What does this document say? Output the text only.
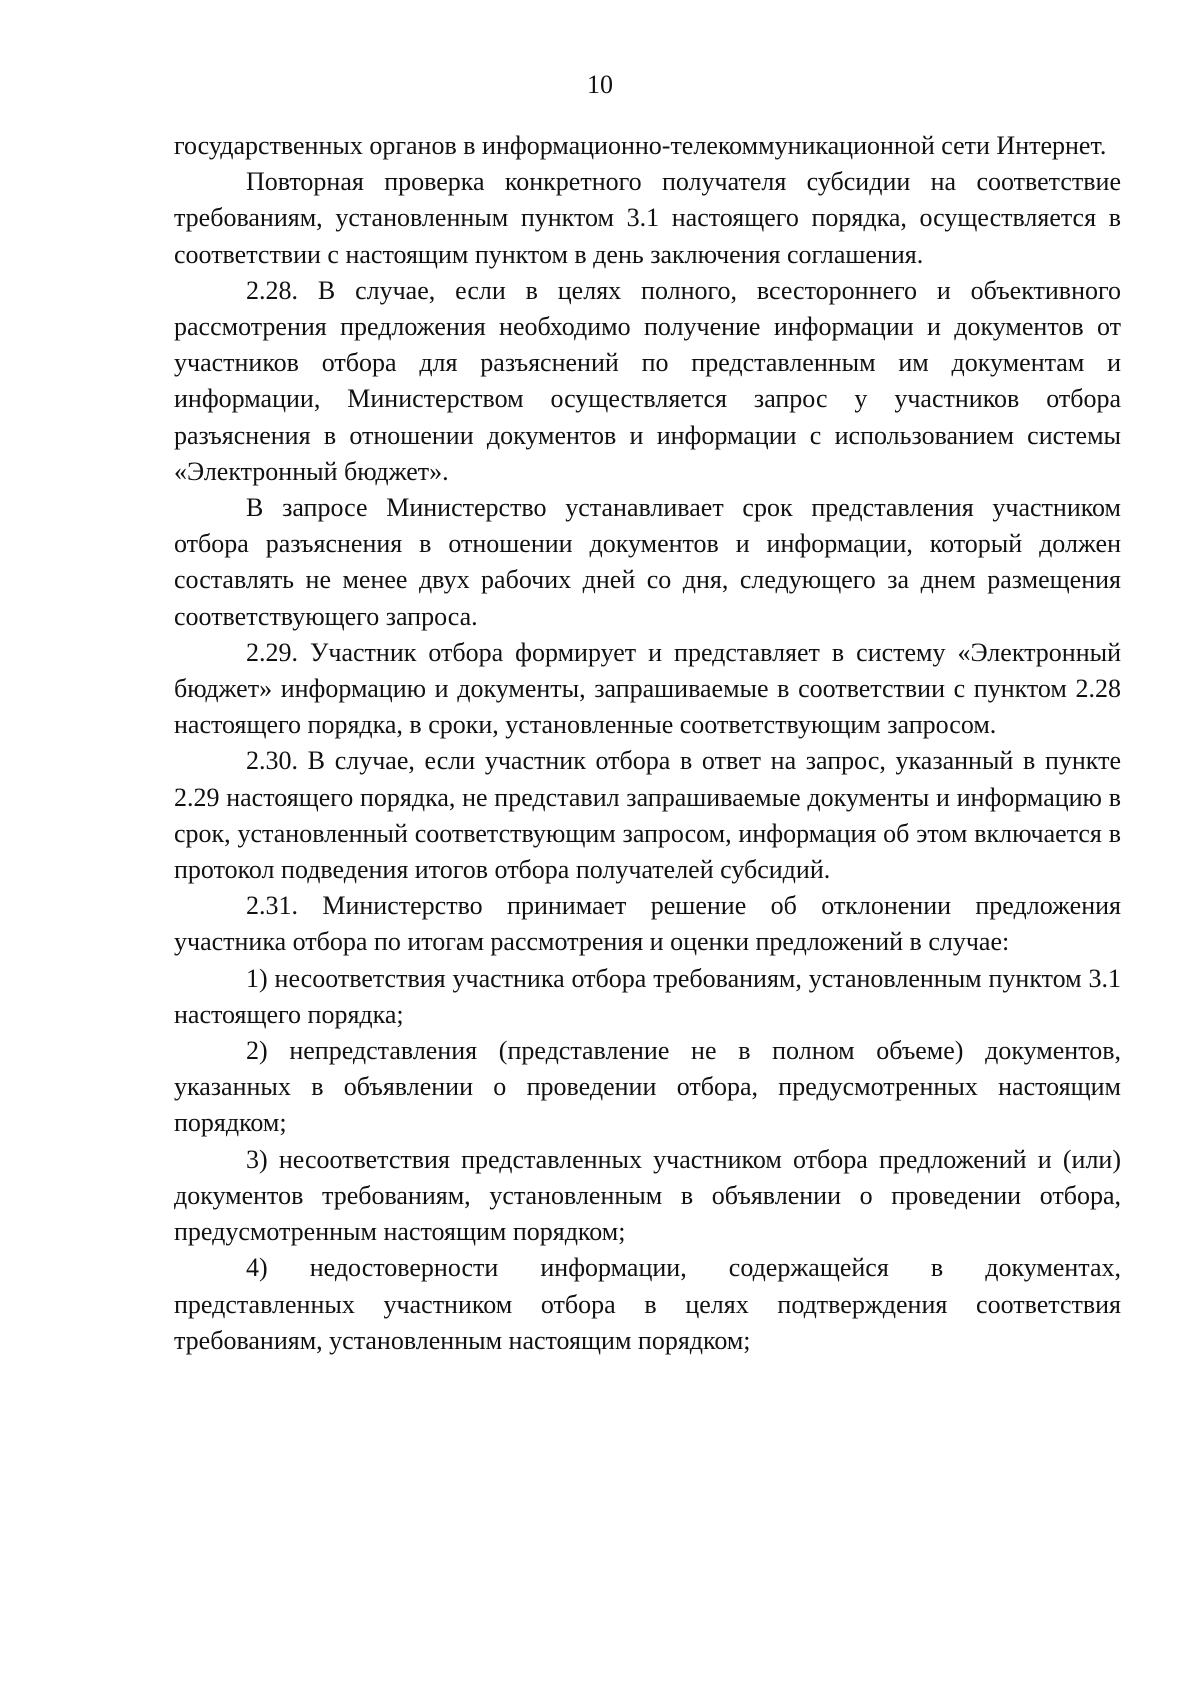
10

государственных органов в информационно-телекоммуникационной сети Интернет.

Повторная проверка конкретного получателя субсидии на соответствие требованиям, установленным пунктом 3.1 настоящего порядка, осуществляется в соответствии с настоящим пунктом в день заключения соглашения.

2.28. В случае, если в целях полного, всестороннего и объективного рассмотрения предложения необходимо получение информации и документов от участников отбора для разъяснений по представленным им документам и информации, Министерством осуществляется запрос у участников отбора разъяснения в отношении документов и информации с использованием системы «Электронный бюджет».

В запросе Министерство устанавливает срок представления участником отбора разъяснения в отношении документов и информации, который должен составлять не менее двух рабочих дней со дня, следующего за днем размещения соответствующего запроса.

2.29. Участник отбора формирует и представляет в систему «Электронный бюджет» информацию и документы, запрашиваемые в соответствии с пунктом 2.28 настоящего порядка, в сроки, установленные соответствующим запросом.

2.30. В случае, если участник отбора в ответ на запрос, указанный в пункте 2.29 настоящего порядка, не представил запрашиваемые документы и информацию в срок, установленный соответствующим запросом, информация об этом включается в протокол подведения итогов отбора получателей субсидий.

2.31. Министерство принимает решение об отклонении предложения участника отбора по итогам рассмотрения и оценки предложений в случае:

1) несоответствия участника отбора требованиям, установленным пунктом 3.1 настоящего порядка;

2) непредставления (представление не в полном объеме) документов, указанных в объявлении о проведении отбора, предусмотренных настоящим порядком;

3) несоответствия представленных участником отбора предложений и (или) документов требованиям, установленным в объявлении о проведении отбора, предусмотренным настоящим порядком;

4) недостоверности информации, содержащейся в документах, представленных участником отбора в целях подтверждения соответствия требованиям, установленным настоящим порядком;
